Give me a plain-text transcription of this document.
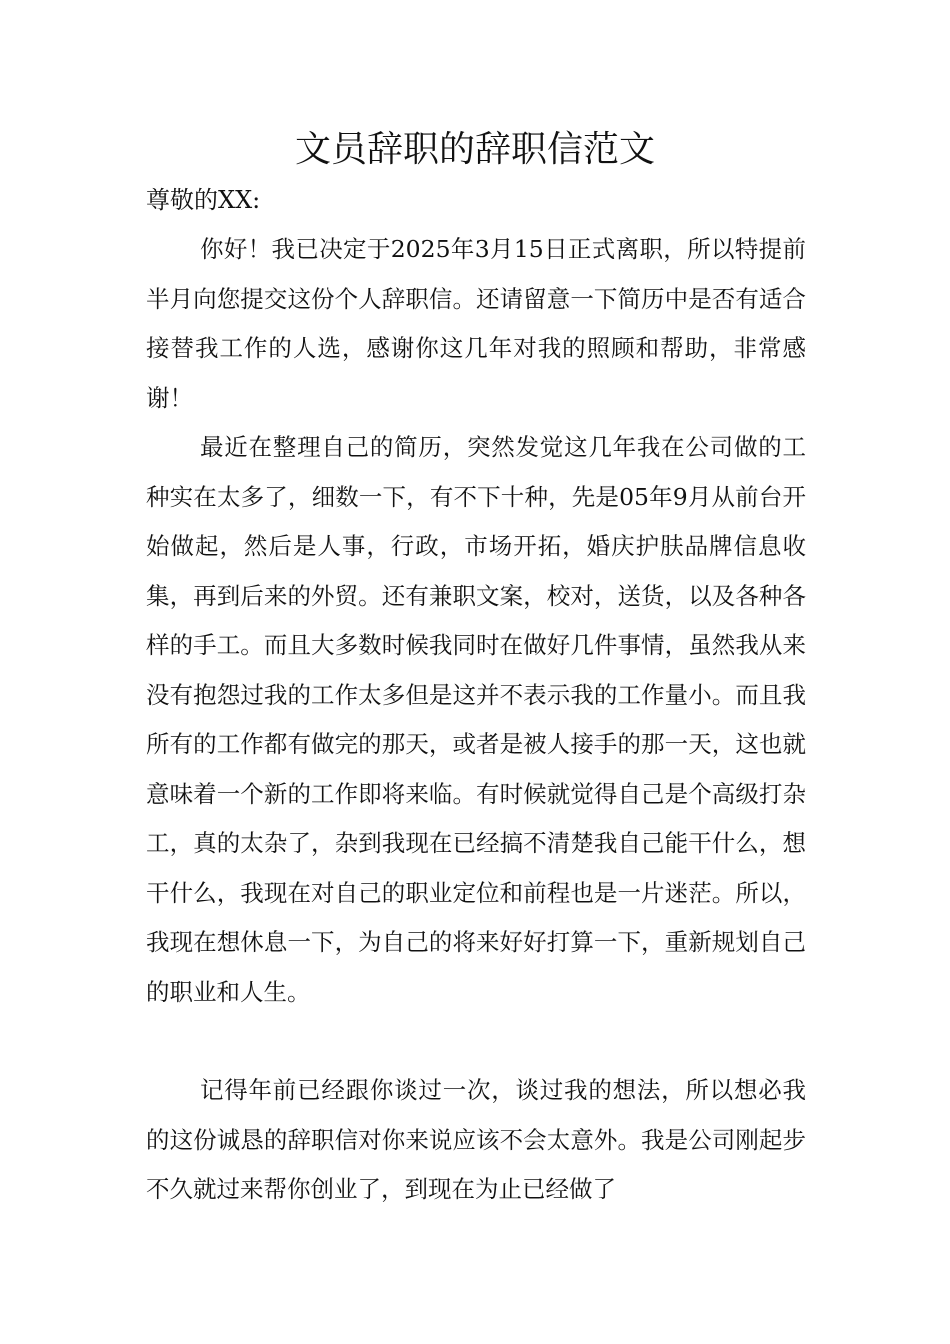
文员辞职的辞职信范文

尊敬的XX:

你好！我已决定于2025年3月15日正式离职，所以特提前半月向您提交这份个人辞职信。还请留意一下简历中是否有适合接替我工作的人选，感谢你这几年对我的照顾和帮助，非常感谢！

最近在整理自己的简历，突然发觉这几年我在公司做的工种实在太多了，细数一下，有不下十种，先是05年9月从前台开始做起，然后是人事，行政，市场开拓，婚庆护肤品牌信息收集，再到后来的外贸。还有兼职文案，校对，送货，以及各种各样的手工。而且大多数时候我同时在做好几件事情，虽然我从来没有抱怨过我的工作太多但是这并不表示我的工作量小。而且我所有的工作都有做完的那天，或者是被人接手的那一天，这也就意味着一个新的工作即将来临。有时候就觉得自己是个高级打杂工，真的太杂了，杂到我现在已经搞不清楚我自己能干什么，想干什么，我现在对自己的职业定位和前程也是一片迷茫。所以，我现在想休息一下，为自己的将来好好打算一下，重新规划自己的职业和人生。

记得年前已经跟你谈过一次，谈过我的想法，所以想必我的这份诚恳的辞职信对你来说应该不会太意外。我是公司刚起步不久就过来帮你创业了，到现在为止已经做了
